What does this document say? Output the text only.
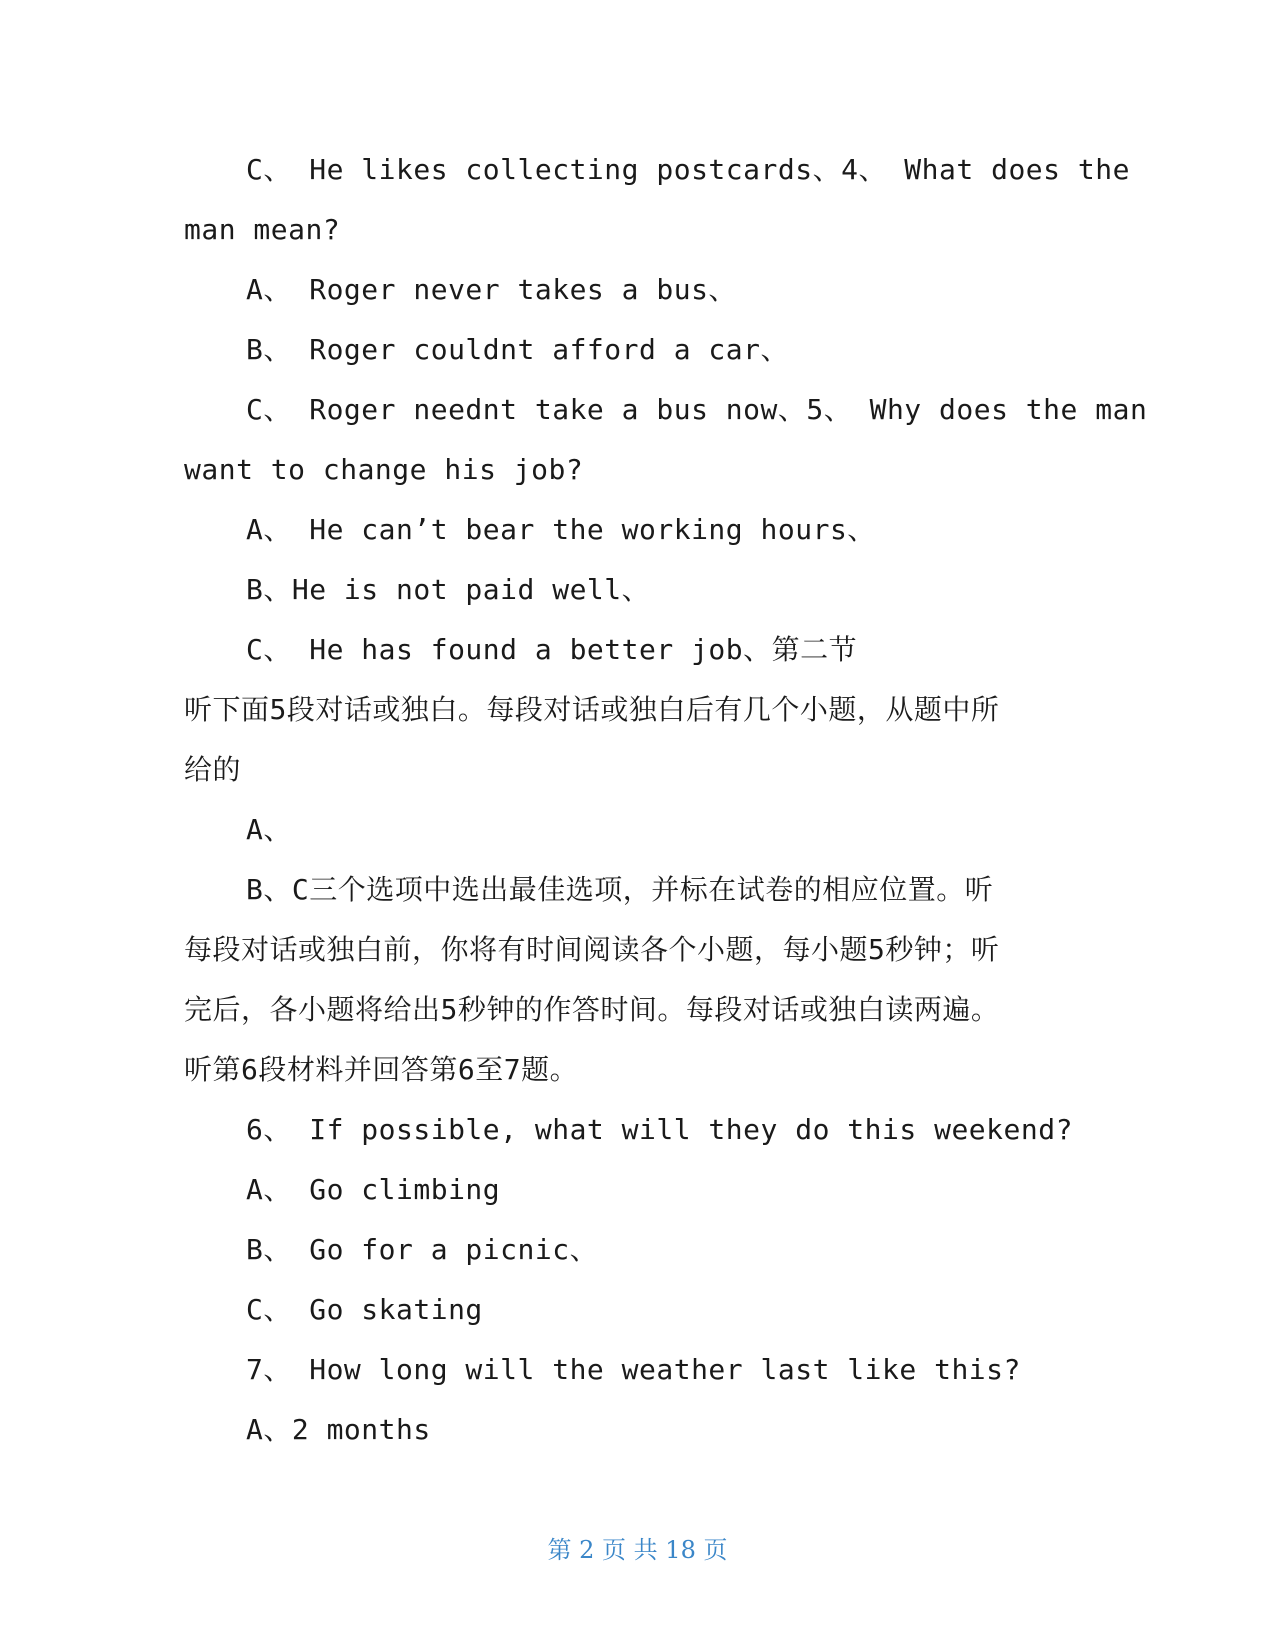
C、 He likes collecting postcards、4、 What does the
man mean?
A、 Roger never takes a bus、
B、 Roger couldnt afford a car、
C、 Roger neednt take a bus now、5、 Why does the man
want to change his job?
A、 He can’t bear the working hours、
B、He is not paid well、
C、 He has found a better job、第二节
听下面5段对话或独白。每段对话或独白后有几个小题，从题中所
给的
A、
B、C三个选项中选出最佳选项，并标在试卷的相应位置。听
每段对话或独白前，你将有时间阅读各个小题，每小题5秒钟；听
完后，各小题将给出5秒钟的作答时间。每段对话或独白读两遍。
听第6段材料并回答第6至7题。
6、 If possible, what will they do this weekend?
A、 Go climbing
B、 Go for a picnic、
C、 Go skating
7、 How long will the weather last like this?
A、2 months
第 2 页 共 18 页
